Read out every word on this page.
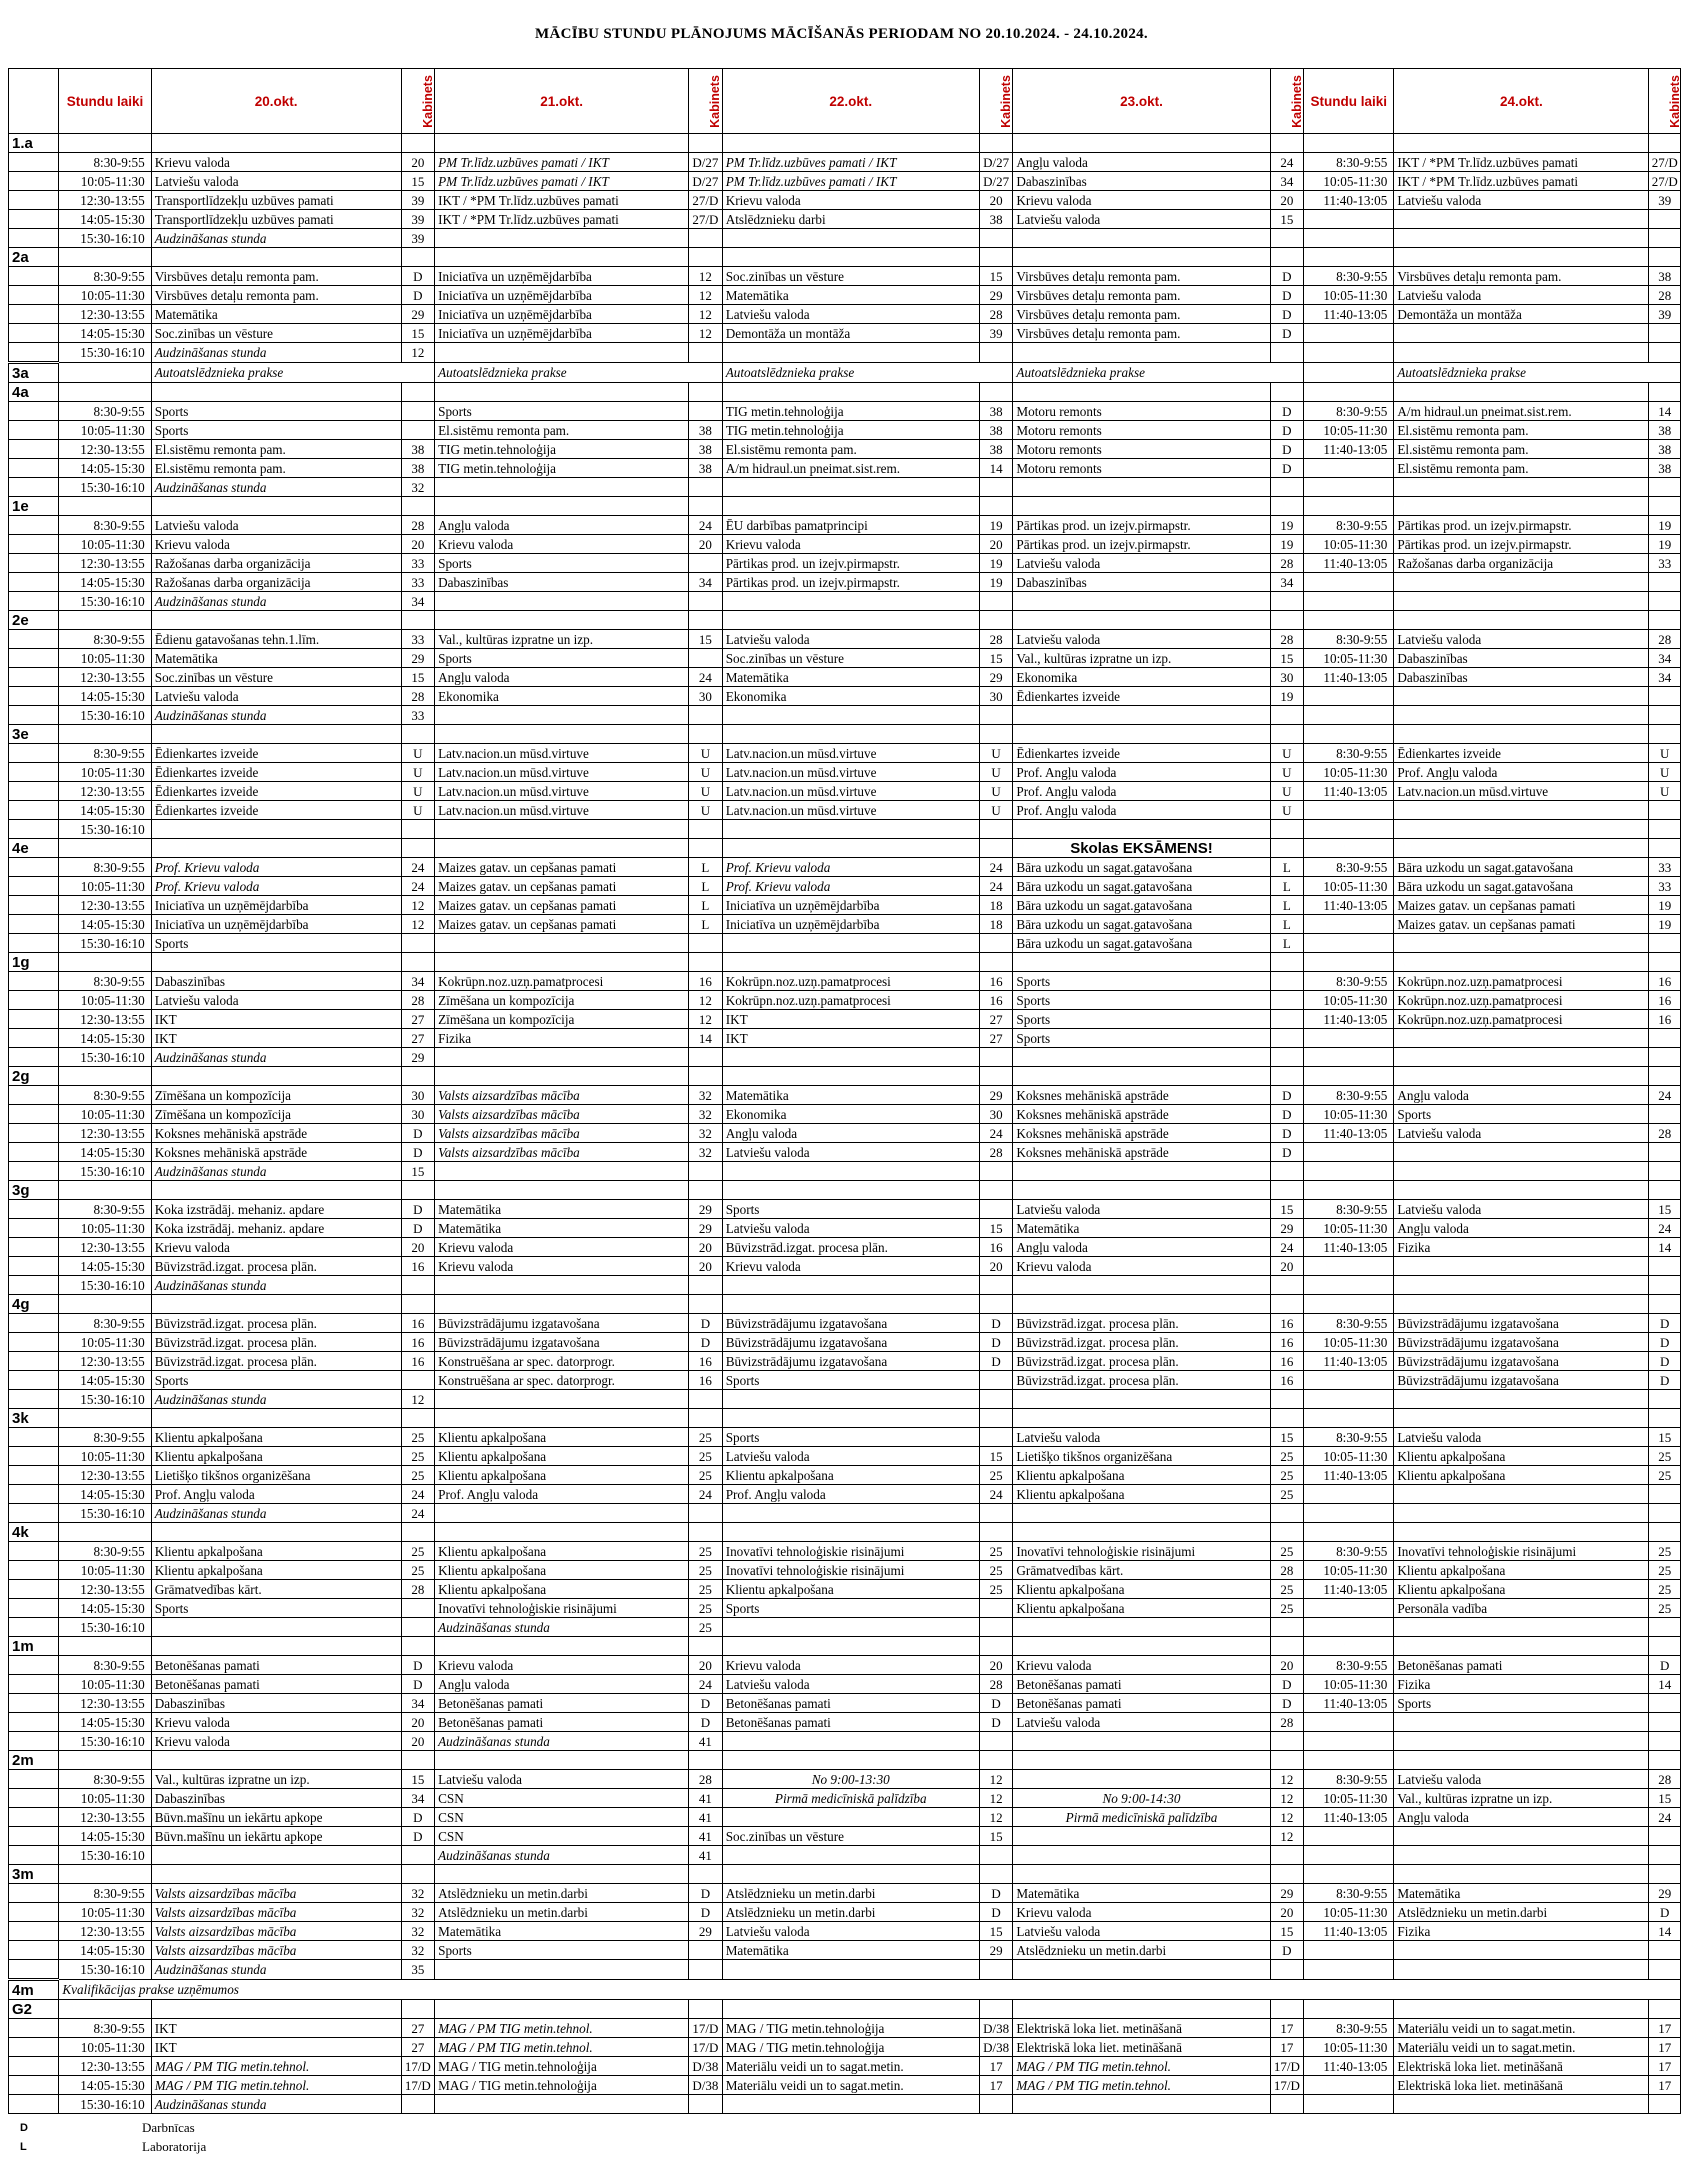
MĀCĪBU STUNDU PLĀNOJUMS MĀCĪŠANĀS PERIODAM NO 20.10.2024. - 24.10.2024.
	Stundu laiki	20.okt.	Kabinets	21.okt.	Kabinets	22.okt.	Kabinets	23.okt.	Kabinets	Stundu laiki	24.okt.	Kabinets
1.a												
	8:30-9:55	Krievu valoda	20	PM Tr.līdz.uzbūves pamati / IKT	D/27	PM Tr.līdz.uzbūves pamati / IKT	D/27	Angļu valoda	24	8:30-9:55	IKT / *PM Tr.līdz.uzbūves pamati	27/D
	10:05-11:30	Latviešu valoda	15	PM Tr.līdz.uzbūves pamati / IKT	D/27	PM Tr.līdz.uzbūves pamati / IKT	D/27	Dabaszinības	34	10:05-11:30	IKT / *PM Tr.līdz.uzbūves pamati	27/D
	12:30-13:55	Transportlīdzekļu uzbūves pamati	39	IKT / *PM Tr.līdz.uzbūves pamati	27/D	Krievu valoda	20	Krievu valoda	20	11:40-13:05	Latviešu valoda	39
	14:05-15:30	Transportlīdzekļu uzbūves pamati	39	IKT / *PM Tr.līdz.uzbūves pamati	27/D	Atslēdznieku darbi	38	Latviešu valoda	15			
	15:30-16:10	Audzināšanas stunda	39									
2a												
	8:30-9:55	Virsbūves detaļu remonta pam.	D	Iniciatīva un uzņēmējdarbība	12	Soc.zinības un vēsture	15	Virsbūves detaļu remonta pam.	D	8:30-9:55	Virsbūves detaļu remonta pam.	38
	10:05-11:30	Virsbūves detaļu remonta pam.	D	Iniciatīva un uzņēmējdarbība	12	Matemātika	29	Virsbūves detaļu remonta pam.	D	10:05-11:30	Latviešu valoda	28
	12:30-13:55	Matemātika	29	Iniciatīva un uzņēmējdarbība	12	Latviešu valoda	28	Virsbūves detaļu remonta pam.	D	11:40-13:05	Demontāža un montāža	39
	14:05-15:30	Soc.zinības un vēsture	15	Iniciatīva un uzņēmējdarbība	12	Demontāža un montāža	39	Virsbūves detaļu remonta pam.	D			
	15:30-16:10	Audzināšanas stunda	12									
3a		Autoatslēdznieka prakse		Autoatslēdznieka prakse		Autoatslēdznieka prakse		Autoatslēdznieka prakse			Autoatslēdznieka prakse	
4a												
	8:30-9:55	Sports		Sports		TIG metin.tehnoloģija	38	Motoru remonts	D	8:30-9:55	A/m hidraul.un pneimat.sist.rem.	14
	10:05-11:30	Sports		El.sistēmu remonta pam.	38	TIG metin.tehnoloģija	38	Motoru remonts	D	10:05-11:30	El.sistēmu remonta pam.	38
	12:30-13:55	El.sistēmu remonta pam.	38	TIG metin.tehnoloģija	38	El.sistēmu remonta pam.	38	Motoru remonts	D	11:40-13:05	El.sistēmu remonta pam.	38
	14:05-15:30	El.sistēmu remonta pam.	38	TIG metin.tehnoloģija	38	A/m hidraul.un pneimat.sist.rem.	14	Motoru remonts	D		El.sistēmu remonta pam.	38
	15:30-16:10	Audzināšanas stunda	32									
1e												
	8:30-9:55	Latviešu valoda	28	Angļu valoda	24	ĒU darbības pamatprincipi	19	Pārtikas prod. un izejv.pirmapstr.	19	8:30-9:55	Pārtikas prod. un izejv.pirmapstr.	19
	10:05-11:30	Krievu valoda	20	Krievu valoda	20	Krievu valoda	20	Pārtikas prod. un izejv.pirmapstr.	19	10:05-11:30	Pārtikas prod. un izejv.pirmapstr.	19
	12:30-13:55	Ražošanas darba organizācija	33	Sports		Pārtikas prod. un izejv.pirmapstr.	19	Latviešu valoda	28	11:40-13:05	Ražošanas darba organizācija	33
	14:05-15:30	Ražošanas darba organizācija	33	Dabaszinības	34	Pārtikas prod. un izejv.pirmapstr.	19	Dabaszinības	34			
	15:30-16:10	Audzināšanas stunda	34									
2e												
	8:30-9:55	Ēdienu gatavošanas tehn.1.līm.	33	Val., kultūras izpratne un izp.	15	Latviešu valoda	28	Latviešu valoda	28	8:30-9:55	Latviešu valoda	28
	10:05-11:30	Matemātika	29	Sports		Soc.zinības un vēsture	15	Val., kultūras izpratne un izp.	15	10:05-11:30	Dabaszinības	34
	12:30-13:55	Soc.zinības un vēsture	15	Angļu valoda	24	Matemātika	29	Ekonomika	30	11:40-13:05	Dabaszinības	34
	14:05-15:30	Latviešu valoda	28	Ekonomika	30	Ekonomika	30	Ēdienkartes izveide	19			
	15:30-16:10	Audzināšanas stunda	33									
3e												
	8:30-9:55	Ēdienkartes izveide	U	Latv.nacion.un mūsd.virtuve	U	Latv.nacion.un mūsd.virtuve	U	Ēdienkartes izveide	U	8:30-9:55	Ēdienkartes izveide	U
	10:05-11:30	Ēdienkartes izveide	U	Latv.nacion.un mūsd.virtuve	U	Latv.nacion.un mūsd.virtuve	U	Prof. Angļu valoda	U	10:05-11:30	Prof. Angļu valoda	U
	12:30-13:55	Ēdienkartes izveide	U	Latv.nacion.un mūsd.virtuve	U	Latv.nacion.un mūsd.virtuve	U	Prof. Angļu valoda	U	11:40-13:05	Latv.nacion.un mūsd.virtuve	U
	14:05-15:30	Ēdienkartes izveide	U	Latv.nacion.un mūsd.virtuve	U	Latv.nacion.un mūsd.virtuve	U	Prof. Angļu valoda	U			
	15:30-16:10											
4e								Skolas EKSĀMENS!				
	8:30-9:55	Prof. Krievu valoda	24	Maizes gatav. un cepšanas pamati	L	Prof. Krievu valoda	24	Bāra uzkodu un sagat.gatavošana	L	8:30-9:55	Bāra uzkodu un sagat.gatavošana	33
	10:05-11:30	Prof. Krievu valoda	24	Maizes gatav. un cepšanas pamati	L	Prof. Krievu valoda	24	Bāra uzkodu un sagat.gatavošana	L	10:05-11:30	Bāra uzkodu un sagat.gatavošana	33
	12:30-13:55	Iniciatīva un uzņēmējdarbība	12	Maizes gatav. un cepšanas pamati	L	Iniciatīva un uzņēmējdarbība	18	Bāra uzkodu un sagat.gatavošana	L	11:40-13:05	Maizes gatav. un cepšanas pamati	19
	14:05-15:30	Iniciatīva un uzņēmējdarbība	12	Maizes gatav. un cepšanas pamati	L	Iniciatīva un uzņēmējdarbība	18	Bāra uzkodu un sagat.gatavošana	L		Maizes gatav. un cepšanas pamati	19
	15:30-16:10	Sports						Bāra uzkodu un sagat.gatavošana	L			
1g												
	8:30-9:55	Dabaszinības	34	Kokrūpn.noz.uzņ.pamatprocesi	16	Kokrūpn.noz.uzņ.pamatprocesi	16	Sports		8:30-9:55	Kokrūpn.noz.uzņ.pamatprocesi	16
	10:05-11:30	Latviešu valoda	28	Zīmēšana un kompozīcija	12	Kokrūpn.noz.uzņ.pamatprocesi	16	Sports		10:05-11:30	Kokrūpn.noz.uzņ.pamatprocesi	16
	12:30-13:55	IKT	27	Zīmēšana un kompozīcija	12	IKT	27	Sports		11:40-13:05	Kokrūpn.noz.uzņ.pamatprocesi	16
	14:05-15:30	IKT	27	Fizika	14	IKT	27	Sports				
	15:30-16:10	Audzināšanas stunda	29									
2g												
	8:30-9:55	Zīmēšana un kompozīcija	30	Valsts aizsardzības mācība	32	Matemātika	29	Koksnes mehāniskā apstrāde	D	8:30-9:55	Angļu valoda	24
	10:05-11:30	Zīmēšana un kompozīcija	30	Valsts aizsardzības mācība	32	Ekonomika	30	Koksnes mehāniskā apstrāde	D	10:05-11:30	Sports	
	12:30-13:55	Koksnes mehāniskā apstrāde	D	Valsts aizsardzības mācība	32	Angļu valoda	24	Koksnes mehāniskā apstrāde	D	11:40-13:05	Latviešu valoda	28
	14:05-15:30	Koksnes mehāniskā apstrāde	D	Valsts aizsardzības mācība	32	Latviešu valoda	28	Koksnes mehāniskā apstrāde	D			
	15:30-16:10	Audzināšanas stunda	15									
3g												
	8:30-9:55	Koka izstrādāj. mehaniz. apdare	D	Matemātika	29	Sports		Latviešu valoda	15	8:30-9:55	Latviešu valoda	15
	10:05-11:30	Koka izstrādāj. mehaniz. apdare	D	Matemātika	29	Latviešu valoda	15	Matemātika	29	10:05-11:30	Angļu valoda	24
	12:30-13:55	Krievu valoda	20	Krievu valoda	20	Būvizstrād.izgat. procesa plān.	16	Angļu valoda	24	11:40-13:05	Fizika	14
	14:05-15:30	Būvizstrād.izgat. procesa plān.	16	Krievu valoda	20	Krievu valoda	20	Krievu valoda	20			
	15:30-16:10	Audzināšanas stunda										
4g												
	8:30-9:55	Būvizstrād.izgat. procesa plān.	16	Būvizstrādājumu izgatavošana	D	Būvizstrādājumu izgatavošana	D	Būvizstrād.izgat. procesa plān.	16	8:30-9:55	Būvizstrādājumu izgatavošana	D
	10:05-11:30	Būvizstrād.izgat. procesa plān.	16	Būvizstrādājumu izgatavošana	D	Būvizstrādājumu izgatavošana	D	Būvizstrād.izgat. procesa plān.	16	10:05-11:30	Būvizstrādājumu izgatavošana	D
	12:30-13:55	Būvizstrād.izgat. procesa plān.	16	Konstruēšana ar spec. datorprogr.	16	Būvizstrādājumu izgatavošana	D	Būvizstrād.izgat. procesa plān.	16	11:40-13:05	Būvizstrādājumu izgatavošana	D
	14:05-15:30	Sports		Konstruēšana ar spec. datorprogr.	16	Sports		Būvizstrād.izgat. procesa plān.	16		Būvizstrādājumu izgatavošana	D
	15:30-16:10	Audzināšanas stunda	12									
3k												
	8:30-9:55	Klientu apkalpošana	25	Klientu apkalpošana	25	Sports		Latviešu valoda	15	8:30-9:55	Latviešu valoda	15
	10:05-11:30	Klientu apkalpošana	25	Klientu apkalpošana	25	Latviešu valoda	15	Lietišķo tikšnos organizēšana	25	10:05-11:30	Klientu apkalpošana	25
	12:30-13:55	Lietišķo tikšnos organizēšana	25	Klientu apkalpošana	25	Klientu apkalpošana	25	Klientu apkalpošana	25	11:40-13:05	Klientu apkalpošana	25
	14:05-15:30	Prof. Angļu valoda	24	Prof. Angļu valoda	24	Prof. Angļu valoda	24	Klientu apkalpošana	25			
	15:30-16:10	Audzināšanas stunda	24									
4k												
	8:30-9:55	Klientu apkalpošana	25	Klientu apkalpošana	25	Inovatīvi tehnoloģiskie risinājumi	25	Inovatīvi tehnoloģiskie risinājumi	25	8:30-9:55	Inovatīvi tehnoloģiskie risinājumi	25
	10:05-11:30	Klientu apkalpošana	25	Klientu apkalpošana	25	Inovatīvi tehnoloģiskie risinājumi	25	Grāmatvedības kārt.	28	10:05-11:30	Klientu apkalpošana	25
	12:30-13:55	Grāmatvedības kārt.	28	Klientu apkalpošana	25	Klientu apkalpošana	25	Klientu apkalpošana	25	11:40-13:05	Klientu apkalpošana	25
	14:05-15:30	Sports		Inovatīvi tehnoloģiskie risinājumi	25	Sports		Klientu apkalpošana	25		Personāla vadība	25
	15:30-16:10			Audzināšanas stunda	25							
1m												
	8:30-9:55	Betonēšanas pamati	D	Krievu valoda	20	Krievu valoda	20	Krievu valoda	20	8:30-9:55	Betonēšanas pamati	D
	10:05-11:30	Betonēšanas pamati	D	Angļu valoda	24	Latviešu valoda	28	Betonēšanas pamati	D	10:05-11:30	Fizika	14
	12:30-13:55	Dabaszinības	34	Betonēšanas pamati	D	Betonēšanas pamati	D	Betonēšanas pamati	D	11:40-13:05	Sports	
	14:05-15:30	Krievu valoda	20	Betonēšanas pamati	D	Betonēšanas pamati	D	Latviešu valoda	28			
	15:30-16:10	Krievu valoda	20	Audzināšanas stunda	41							
2m												
	8:30-9:55	Val., kultūras izpratne un izp.	15	Latviešu valoda	28	No 9:00-13:30	12		12	8:30-9:55	Latviešu valoda	28
	10:05-11:30	Dabaszinības	34	CSN	41	Pirmā medicīniskā palīdzība	12	No 9:00-14:30	12	10:05-11:30	Val., kultūras izpratne un izp.	15
	12:30-13:55	Būvn.mašīnu un iekārtu apkope	D	CSN	41		12	Pirmā medicīniskā palīdzība	12	11:40-13:05	Angļu valoda	24
	14:05-15:30	Būvn.mašīnu un iekārtu apkope	D	CSN	41	Soc.zinības un vēsture	15		12			
	15:30-16:10			Audzināšanas stunda	41							
3m												
	8:30-9:55	Valsts aizsardzības mācība	32	Atslēdznieku un metin.darbi	D	Atslēdznieku un metin.darbi	D	Matemātika	29	8:30-9:55	Matemātika	29
	10:05-11:30	Valsts aizsardzības mācība	32	Atslēdznieku un metin.darbi	D	Atslēdznieku un metin.darbi	D	Krievu valoda	20	10:05-11:30	Atslēdznieku un metin.darbi	D
	12:30-13:55	Valsts aizsardzības mācība	32	Matemātika	29	Latviešu valoda	15	Latviešu valoda	15	11:40-13:05	Fizika	14
	14:05-15:30	Valsts aizsardzības mācība	32	Sports		Matemātika	29	Atslēdznieku un metin.darbi	D			
	15:30-16:10	Audzināšanas stunda	35									
4m	Kvalifikācijas prakse uzņēmumos											
G2												
	8:30-9:55	IKT	27	MAG / PM TIG metin.tehnol.	17/D	MAG / TIG metin.tehnoloģija	D/38	Elektriskā loka liet. metināšanā	17	8:30-9:55	Materiālu veidi un to sagat.metin.	17
	10:05-11:30	IKT	27	MAG / PM TIG metin.tehnol.	17/D	MAG / TIG metin.tehnoloģija	D/38	Elektriskā loka liet. metināšanā	17	10:05-11:30	Materiālu veidi un to sagat.metin.	17
	12:30-13:55	MAG / PM TIG metin.tehnol.	17/D	MAG / TIG metin.tehnoloģija	D/38	Materiālu veidi un to sagat.metin.	17	MAG / PM TIG metin.tehnol.	17/D	11:40-13:05	Elektriskā loka liet. metināšanā	17
	14:05-15:30	MAG / PM TIG metin.tehnol.	17/D	MAG / TIG metin.tehnoloģija	D/38	Materiālu veidi un to sagat.metin.	17	MAG / PM TIG metin.tehnol.	17/D		Elektriskā loka liet. metināšanā	17
	15:30-16:10	Audzināšanas stunda										
D	Darbnīcas
L	Laboratorija
